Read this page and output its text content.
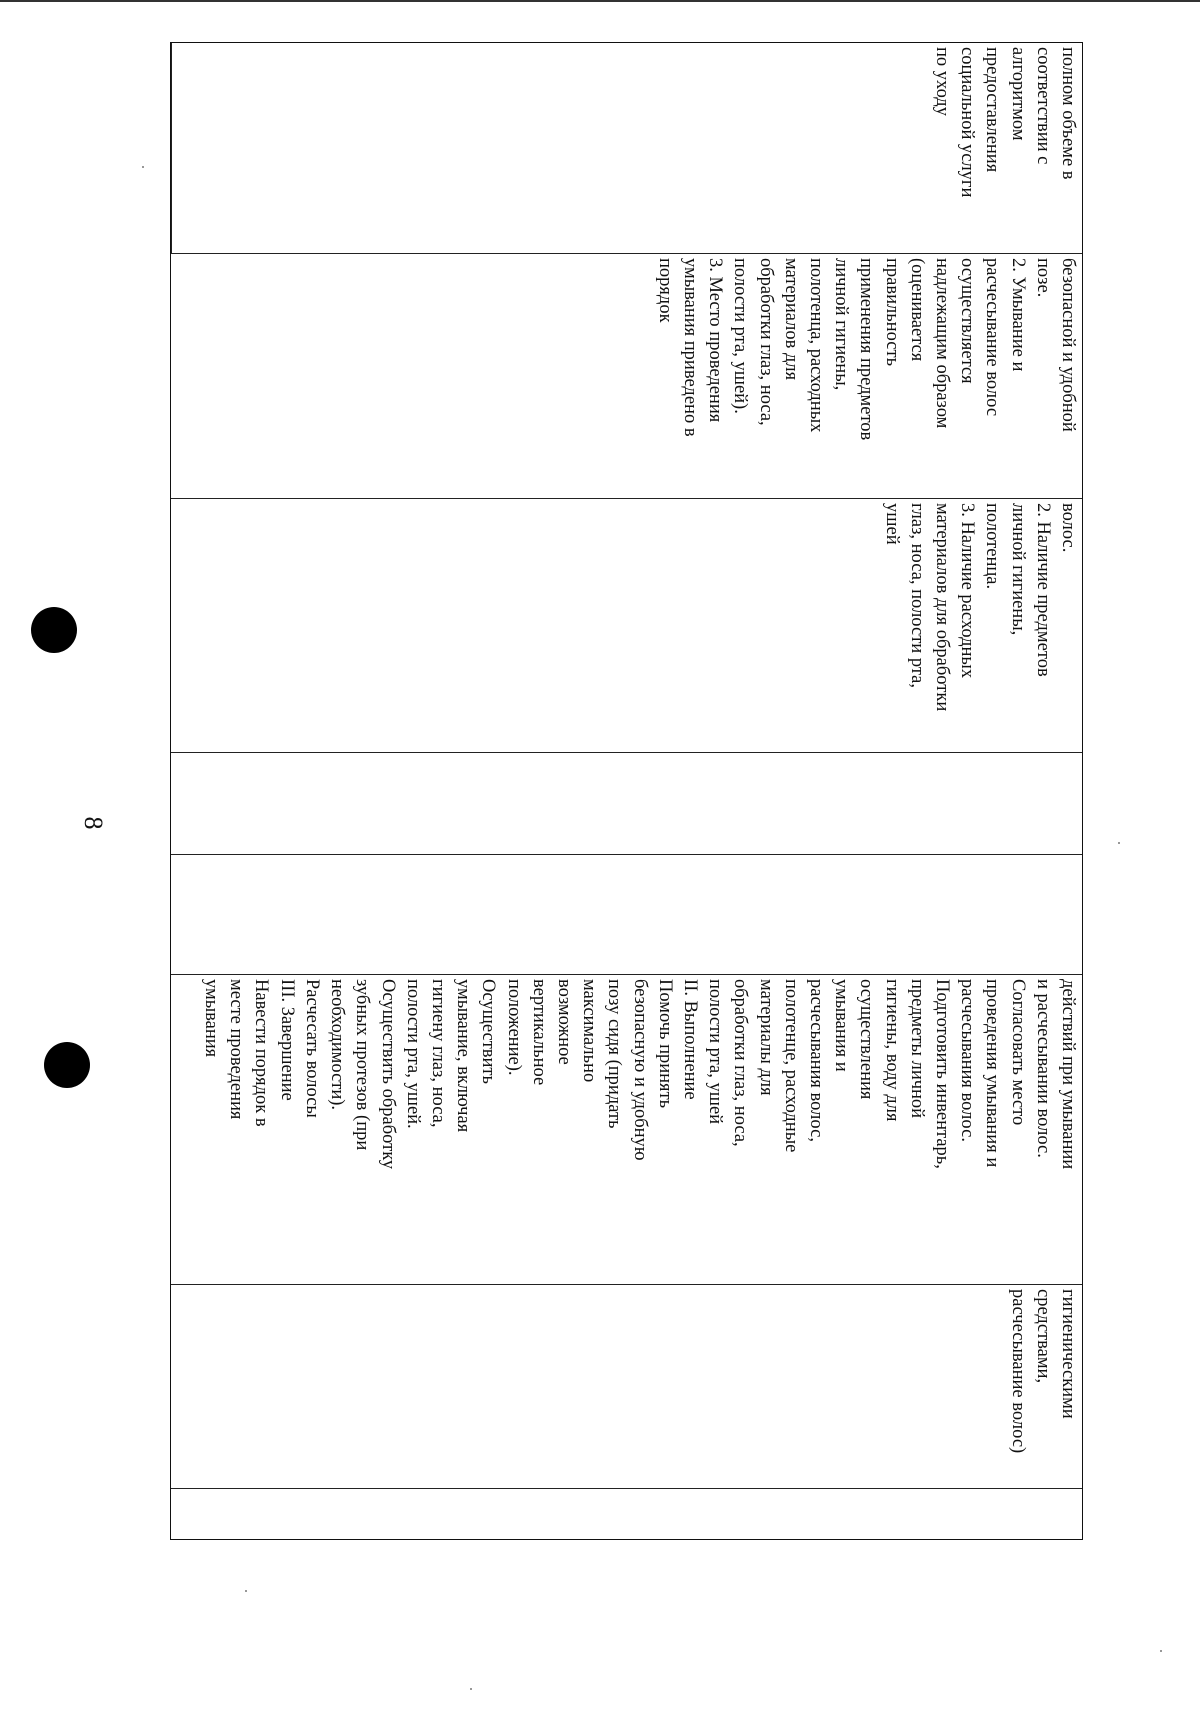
8
полном объеме в
соответствии с
алгоритмом
предоставления
социальной услуги
по уходу
безопасной и удобной
позе.
2. Умывание и
расчесывание волос
осуществляется
надлежащим образом
(оценивается
правильность
применения предметов
личной гигиены,
полотенца, расходных
материалов для
обработки глаз, носа,
полости рта, ушей).
3. Место проведения
умывания приведено в
порядок
волос.
2. Наличие предметов
личной гигиены,
полотенца.
3. Наличие расходных
материалов для обработки
глаз, носа, полости рта,
ушей
действий при умывании
и расчесывании волос.
Согласовать место
проведения умывания и
расчесывания волос.
Подготовить инвентарь,
предметы личной
гигиены, воду для
осуществления
умывания и
расчесывания волос,
полотенце, расходные
материалы для
обработки глаз, носа,
полости рта, ушей
II. Выполнение
Помочь принять
безопасную и удобную
позу сидя (придать
максимально
возможное
вертикальное
положение).
Осуществить
умывание, включая
гигиену глаз, носа,
полости рта, ушей.
Осуществить обработку
зубных протезов (при
необходимости).
Расчесать волосы
III. Завершение
Навести порядок в
месте проведения
умывания
гигиеническими
средствами,
расчесывание волос)
